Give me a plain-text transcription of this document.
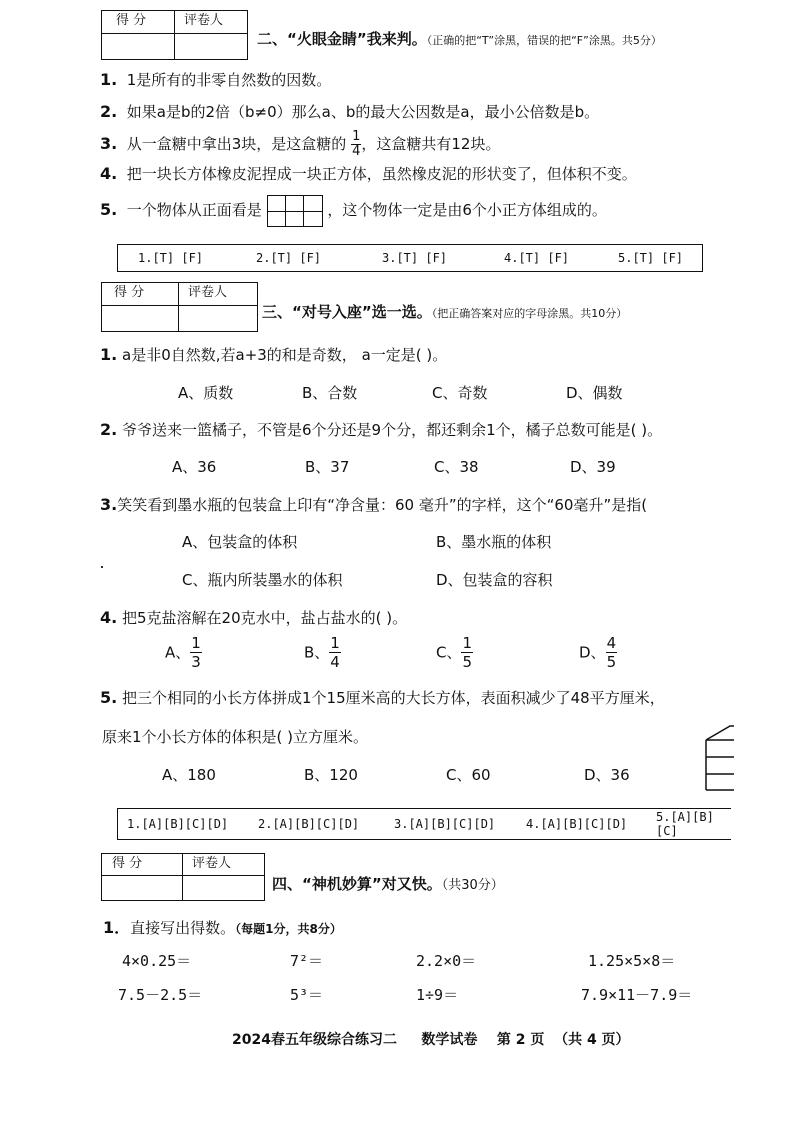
得 分	评卷人
二、“火眼金睛”我来判。（正确的把“T”涂黑，错误的把“F”涂黑。共5分）
1. 1是所有的非零自然数的因数。
2. 如果a是b的2倍（b≠0）那么a、b的最大公因数是a，最小公倍数是b。
3. 从一盒糖中拿出3块，是这盒糖的 $\frac{1}{4}$ ，这盒糖共有12块。
4. 把一块长方体橡皮泥捏成一块正方体，虽然橡皮泥的形状变了，但体积不变。
5. 一个物体从正面看是	，这个物体一定是由6个小正方体组成的。
1.[T] [F]	2.[T] [F]	3.[T] [F]	4.[T] [F]	5.[T] [F]
得 分	评卷人
三、“对号入座”选一选。（把正确答案对应的字母涂黑。共10分）
1. a是非0自然数,若a+3的和是奇数， a一定是( )。
A、质数	B、合数	C、奇数	D、偶数
2. 爷爷送来一篮橘子，不管是6个分还是9个分，都还剩余1个，橘子总数可能是( )。
A、36	B、37	C、38	D、39
3.笑笑看到墨水瓶的包装盒上印有“净含量：60 毫升”的字样，这个“60毫升”是指(
A、包装盒的体积	B、墨水瓶的体积
C、瓶内所装墨水的体积	D、包装盒的容积
4. 把5克盐溶解在20克水中，盐占盐水的( )。
A、 $\frac{1}{3}$	B、 $\frac{1}{4}$	C、 $\frac{1}{5}$	D、 $\frac{4}{5}$
5. 把三个相同的小长方体拼成1个15厘米高的大长方体，表面积减少了48平方厘米，
原来1个小长方体的体积是( )立方厘米。
A、180	B、120	C、60	D、36
1.[A][B][C][D] 2.[A][B][C][D]	3.[A][B][C][D]	4.[A][B][C][D] 5.[A][B][C]
得 分	评卷人
四、“神机妙算”对又快。（共30分）
1．直接写出得数。（每题1分，共8分）
4×0.25＝	7²＝	2.2×0＝	1.25×5×8＝
7.5－2.5＝	5³＝	1÷9＝	7.9×11－7.9＝
2024春五年级综合练习二     数学试卷    第 2 页  （共 4 页）
